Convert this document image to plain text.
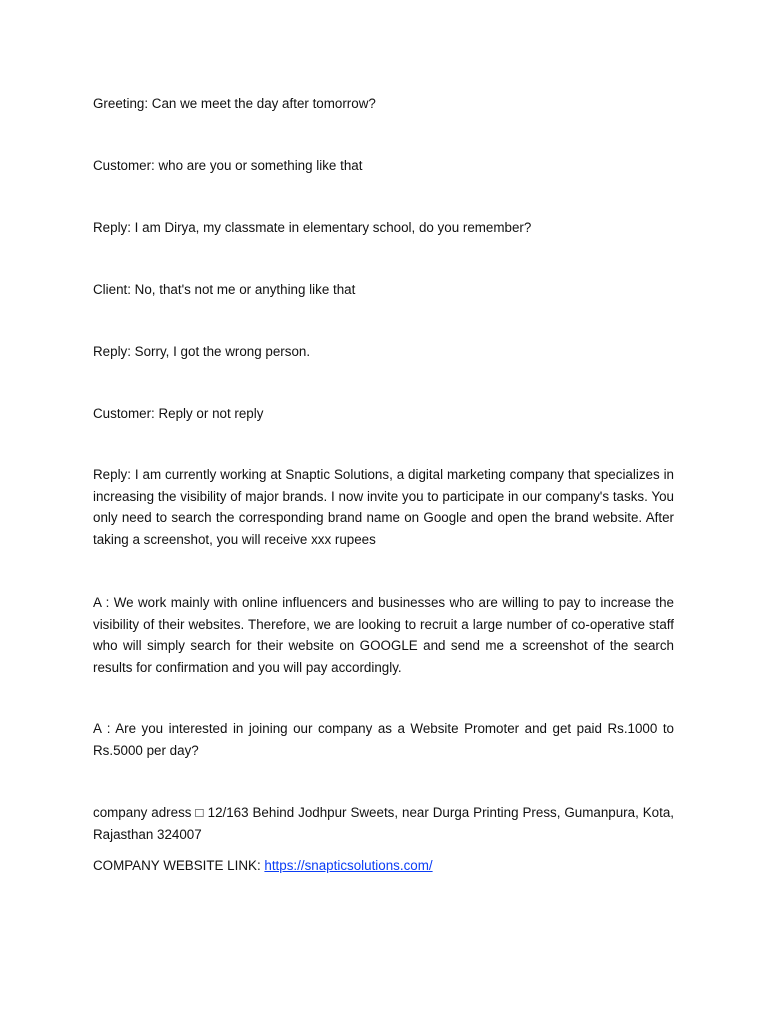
Greeting: Can we meet the day after tomorrow?

Customer: who are you or something like that

Reply: I am Dirya, my classmate in elementary school, do you remember?

Client: No, that's not me or anything like that

Reply: Sorry, I got the wrong person.

Customer: Reply or not reply

Reply: I am currently working at Snaptic Solutions, a digital marketing company that specializes in increasing the visibility of major brands. I now invite you to participate in our company's tasks. You only need to search the corresponding brand name on Google and open the brand website. After taking a screenshot, you will receive xxx rupees

A : We work mainly with online influencers and businesses who are willing to pay to increase the visibility of their websites. Therefore, we are looking to recruit a large number of co-operative staff who will simply search for their website on GOOGLE and send me a screenshot of the search results for confirmation and you will pay accordingly.

A : Are you interested in joining our company as a Website Promoter and get paid Rs.1000 to Rs.5000 per day?

company adress □ 12/163 Behind Jodhpur Sweets, near Durga Printing Press, Gumanpura, Kota, Rajasthan 324007

COMPANY WEBSITE LINK: https://snapticsolutions.com/
